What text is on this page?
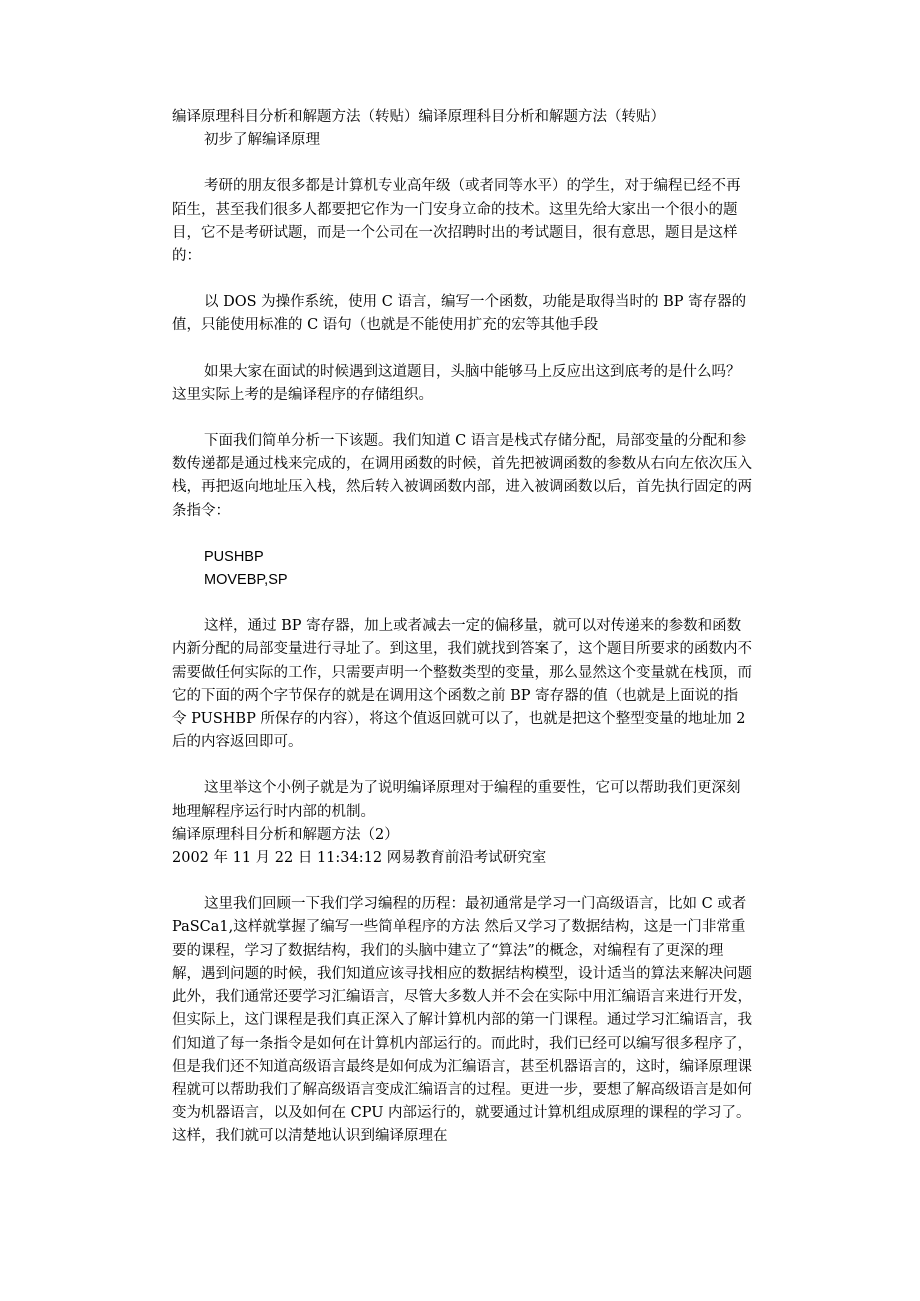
编译原理科目分析和解题方法（转贴）编译原理科目分析和解题方法（转贴）

初步了解编译原理

考研的朋友很多都是计算机专业高年级（或者同等水平）的学生，对于编程已经不再陌生，甚至我们很多人都要把它作为一门安身立命的技术。这里先给大家出一个很小的题目，它不是考研试题，而是一个公司在一次招聘时出的考试题目，很有意思，题目是这样的：

以 DOS 为操作系统，使用 C 语言，编写一个函数，功能是取得当时的 BP 寄存器的值，只能使用标准的 C 语句（也就是不能使用扩充的宏等其他手段

如果大家在面试的时候遇到这道题目，头脑中能够马上反应出这到底考的是什么吗？这里实际上考的是编译程序的存储组织。

下面我们简单分析一下该题。我们知道 C 语言是栈式存储分配，局部变量的分配和参数传递都是通过栈来完成的，在调用函数的时候，首先把被调函数的参数从右向左依次压入栈，再把返向地址压入栈，然后转入被调函数内部，进入被调函数以后，首先执行固定的两条指令：

PUSHBP

MOVEBP,SP

这样，通过 BP 寄存器，加上或者减去一定的偏移量，就可以对传递来的参数和函数内新分配的局部变量进行寻址了。到这里，我们就找到答案了，这个题目所要求的函数内不需要做任何实际的工作，只需要声明一个整数类型的变量，那么显然这个变量就在栈顶，而它的下面的两个字节保存的就是在调用这个函数之前 BP 寄存器的值（也就是上面说的指令 PUSHBP 所保存的内容），将这个值返回就可以了，也就是把这个整型变量的地址加 2 后的内容返回即可。

这里举这个小例子就是为了说明编译原理对于编程的重要性，它可以帮助我们更深刻地理解程序运行时内部的机制。

编译原理科目分析和解题方法（2）

2002 年 11 月 22 日 11:34:12 网易教育前沿考试研究室

这里我们回顾一下我们学习编程的历程：最初通常是学习一门高级语言，比如 C 或者 PaSCa1,这样就掌握了编写一些简单程序的方法 然后又学习了数据结构，这是一门非常重要的课程，学习了数据结构，我们的头脑中建立了“算法”的概念，对编程有了更深的理解，遇到问题的时候，我们知道应该寻找相应的数据结构模型，设计适当的算法来解决问题 此外，我们通常还要学习汇编语言，尽管大多数人并不会在实际中用汇编语言来进行开发，但实际上，这门课程是我们真正深入了解计算机内部的第一门课程。通过学习汇编语言，我们知道了每一条指令是如何在计算机内部运行的。而此时，我们已经可以编写很多程序了，但是我们还不知道高级语言最终是如何成为汇编语言，甚至机器语言的，这时，编译原理课程就可以帮助我们了解高级语言变成汇编语言的过程。更进一步，要想了解高级语言是如何变为机器语言，以及如何在 CPU 内部运行的，就要通过计算机组成原理的课程的学习了。这样，我们就可以清楚地认识到编译原理在
